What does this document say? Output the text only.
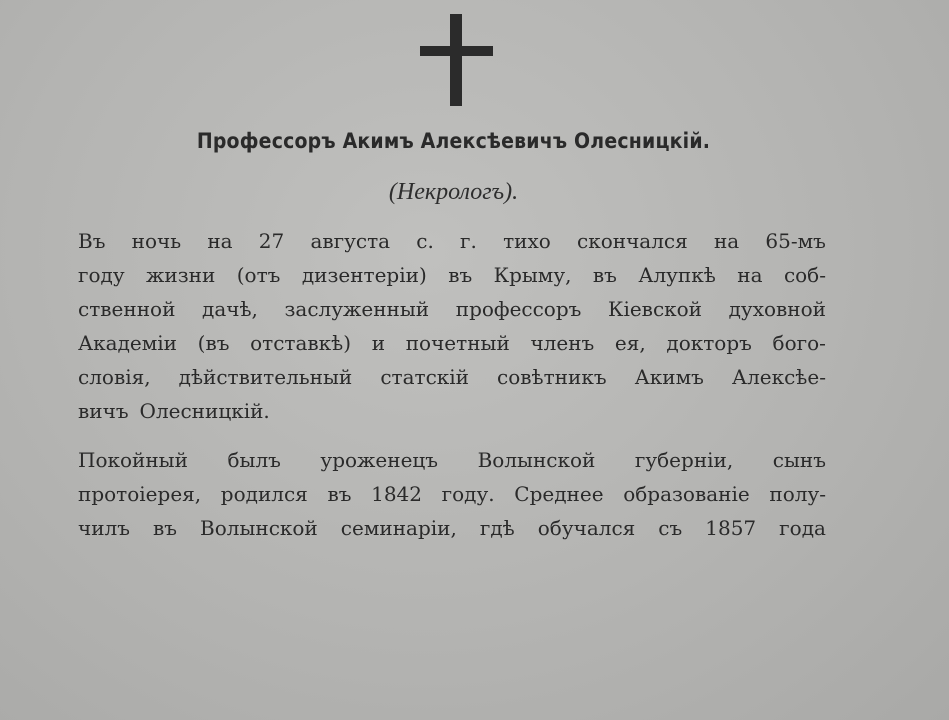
Профессоръ Акимъ Алексѣевичъ Олесницкій.
(Некрологъ).
Въ ночь на 27 августа с. г. тихо скончался на 65-мъ
году жизни (отъ дизентеріи) въ Крыму, въ Алупкѣ на соб-
ственной дачѣ, заслуженный профессоръ Кіевской духовной
Академіи (въ отставкѣ) и почетный членъ ея, докторъ бого-
словія, дѣйствительный статскій совѣтникъ Акимъ Алексѣе-
вичъ Олесницкій.
Покойный былъ уроженецъ Волынской губерніи, сынъ
протоіерея, родился въ 1842 году. Среднее образованіе полу-
чилъ въ Волынской семинаріи, гдѣ обучался съ 1857 года
